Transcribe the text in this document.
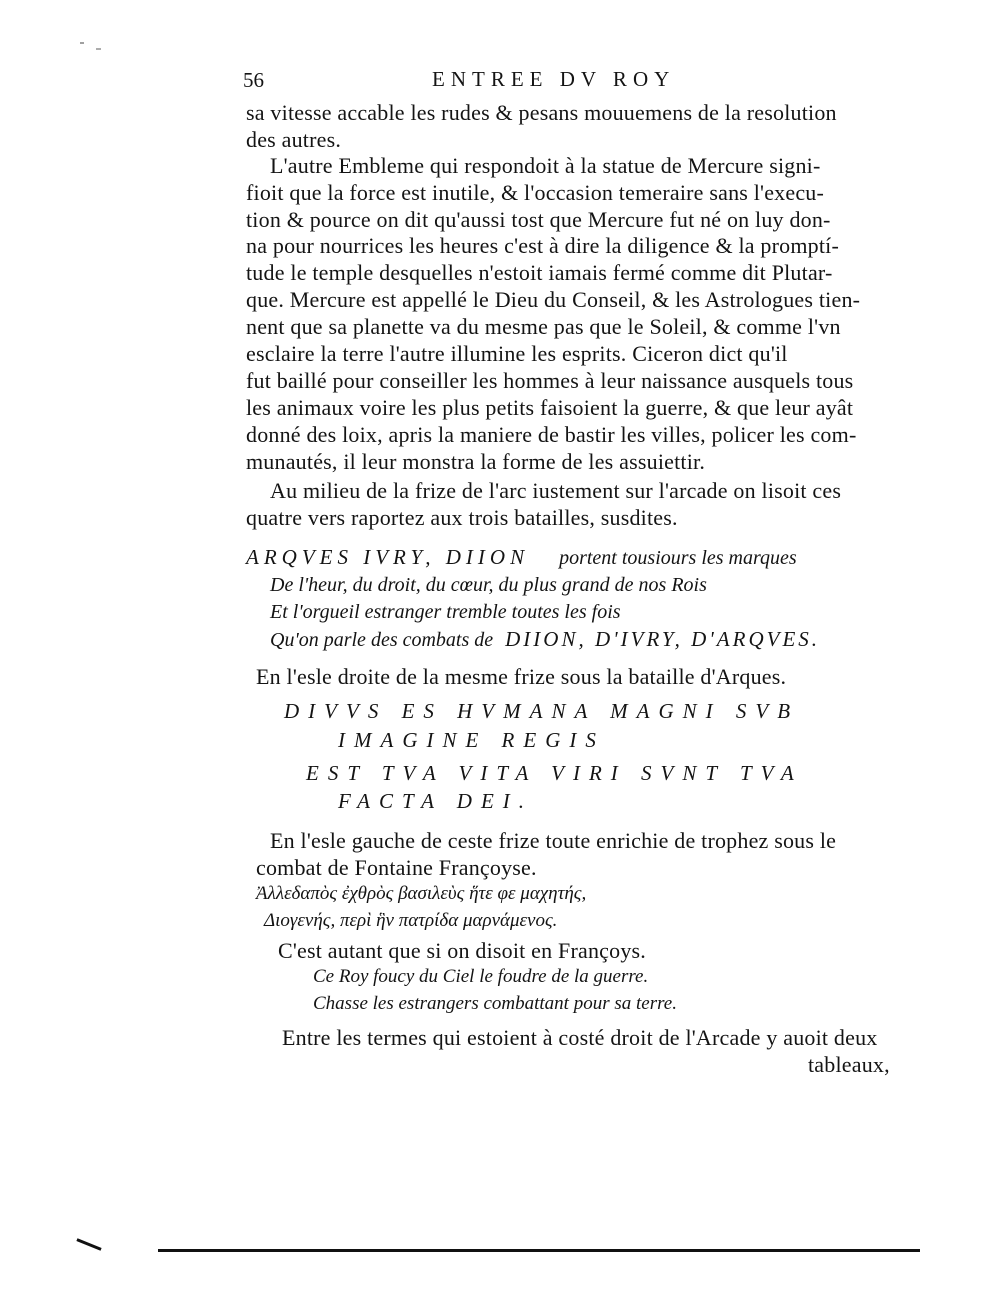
56	ENTREE DV ROY
sa vitesse accable les rudes & pesans mouuemens de la resolution
des autres.
L'autre Embleme qui respondoit à la statue de Mercure signi-
fioit que la force est inutile, & l'occasion temeraire sans l'execu-
tion & pource on dit qu'aussi tost que Mercure fut né on luy don-
na pour nourrices les heures c'est à dire la diligence & la promptí-
tude le temple desquelles n'estoit iamais fermé comme dit Plutar-
que. Mercure est appellé le Dieu du Conseil, & les Astrologues tien-
nent que sa planette va du mesme pas que le Soleil, & comme l'vn
esclaire la terre l'autre illumine les esprits. Ciceron dict qu'il
fut baillé pour conseiller les hommes à leur naissance ausquels tous
les animaux voire les plus petits faisoient la guerre, & que leur ayât
donné des loix, apris la maniere de bastir les villes, policer les com-
munautés, il leur monstra la forme de les assuiettir.
Au milieu de la frize de l'arc iustement sur l'arcade on lisoit ces
quatre vers raportez aux trois batailles, susdites.
ARQVES IVRY, DIION portent tousiours les marques
De l'heur, du droit, du cœur, du plus grand de nos Rois
Et l'orgueil estranger tremble toutes les fois
Qu'on parle des combats de DIION, D'IVRY, D'ARQVES.
En l'esle droite de la mesme frize sous la bataille d'Arques.
DIVVS ES HVMANA MAGNI SVB
IMAGINE REGIS
EST TVA VITA VIRI SVNT TVA
FACTA DEI.
En l'esle gauche de ceste frize toute enrichie de trophez sous le
combat de Fontaine Françoyse.
Ἀλλεδαπὸς ἐχθρὸς βασιλεὺς ἥτε φε μαχητής,
Διογενής, περὶ ἣν πατρίδα μαρνάμενος.
C'est autant que si on disoit en Françoys.
Ce Roy foucy du Ciel le foudre de la guerre.
Chasse les estrangers combattant pour sa terre.
Entre les termes qui estoient à costé droit de l'Arcade y auoit deux
tableaux,
